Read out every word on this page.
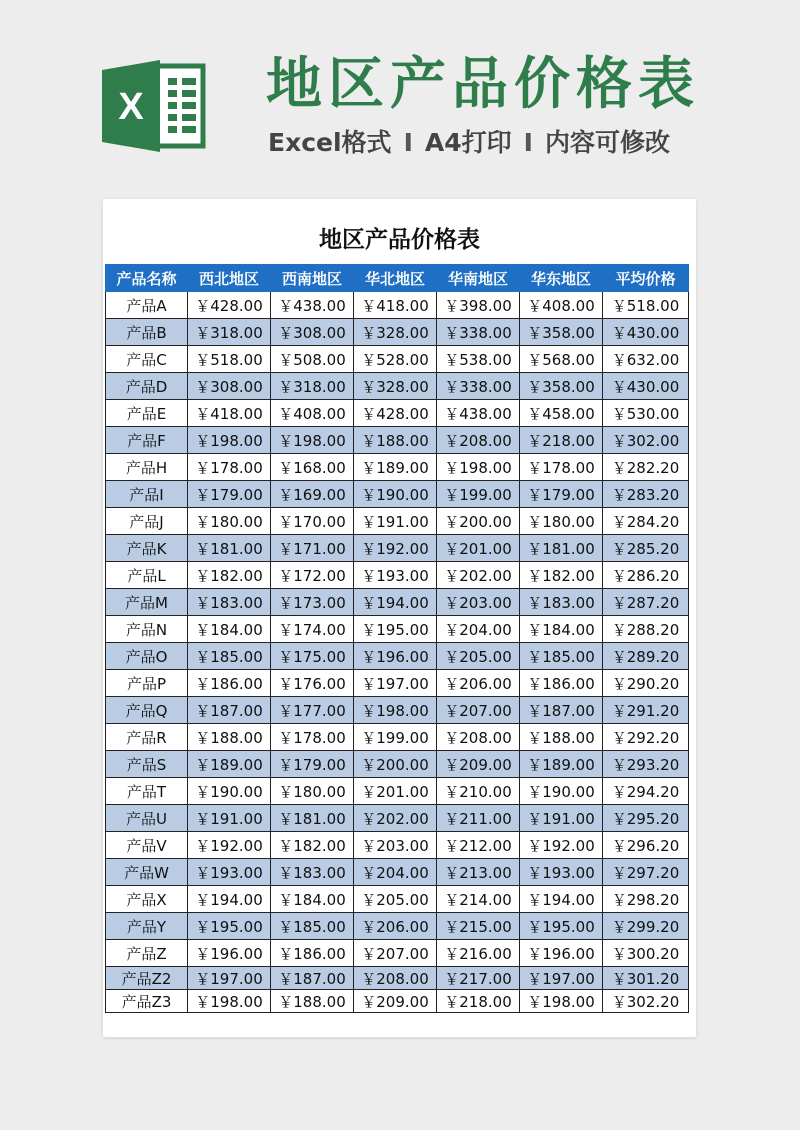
X 地区产品价格表
Excel格式 I A4打印 I 内容可修改
地区产品价格表
产品名称	西北地区	西南地区	华北地区	华南地区	华东地区	平均价格
产品A	￥428.00	￥438.00	￥418.00	￥398.00	￥408.00	￥518.00
产品B	￥318.00	￥308.00	￥328.00	￥338.00	￥358.00	￥430.00
产品C	￥518.00	￥508.00	￥528.00	￥538.00	￥568.00	￥632.00
产品D	￥308.00	￥318.00	￥328.00	￥338.00	￥358.00	￥430.00
产品E	￥418.00	￥408.00	￥428.00	￥438.00	￥458.00	￥530.00
产品F	￥198.00	￥198.00	￥188.00	￥208.00	￥218.00	￥302.00
产品H	￥178.00	￥168.00	￥189.00	￥198.00	￥178.00	￥282.20
产品I	￥179.00	￥169.00	￥190.00	￥199.00	￥179.00	￥283.20
产品J	￥180.00	￥170.00	￥191.00	￥200.00	￥180.00	￥284.20
产品K	￥181.00	￥171.00	￥192.00	￥201.00	￥181.00	￥285.20
产品L	￥182.00	￥172.00	￥193.00	￥202.00	￥182.00	￥286.20
产品M	￥183.00	￥173.00	￥194.00	￥203.00	￥183.00	￥287.20
产品N	￥184.00	￥174.00	￥195.00	￥204.00	￥184.00	￥288.20
产品O	￥185.00	￥175.00	￥196.00	￥205.00	￥185.00	￥289.20
产品P	￥186.00	￥176.00	￥197.00	￥206.00	￥186.00	￥290.20
产品Q	￥187.00	￥177.00	￥198.00	￥207.00	￥187.00	￥291.20
产品R	￥188.00	￥178.00	￥199.00	￥208.00	￥188.00	￥292.20
产品S	￥189.00	￥179.00	￥200.00	￥209.00	￥189.00	￥293.20
产品T	￥190.00	￥180.00	￥201.00	￥210.00	￥190.00	￥294.20
产品U	￥191.00	￥181.00	￥202.00	￥211.00	￥191.00	￥295.20
产品V	￥192.00	￥182.00	￥203.00	￥212.00	￥192.00	￥296.20
产品W	￥193.00	￥183.00	￥204.00	￥213.00	￥193.00	￥297.20
产品X	￥194.00	￥184.00	￥205.00	￥214.00	￥194.00	￥298.20
产品Y	￥195.00	￥185.00	￥206.00	￥215.00	￥195.00	￥299.20
产品Z	￥196.00	￥186.00	￥207.00	￥216.00	￥196.00	￥300.20
产品Z2	￥197.00	￥187.00	￥208.00	￥217.00	￥197.00	￥301.20
产品Z3	￥198.00	￥188.00	￥209.00	￥218.00	￥198.00	￥302.20
